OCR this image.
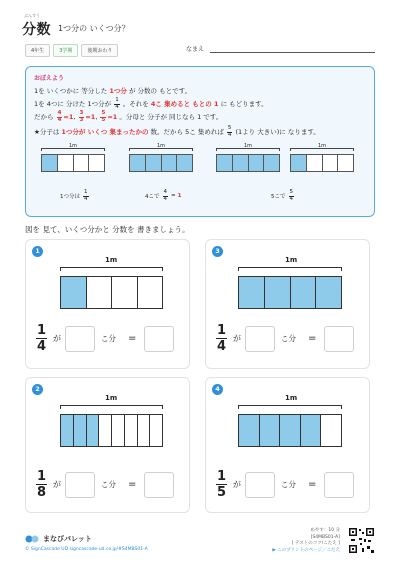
ぶんすう
分数 1つ分の いくつ分？
4年生	3学期	後期おわり	なまえ
おぼえよう
1を いくつかに 等分した 1つ分 が 分数の もとです。
1を 4つに 分けた 1つ分が $\frac{1}{4}$ 。それを 4こ 集めると もとの 1 に もどります。
だから $\frac{4}{4} =1$, $\frac{3}{3} =1$, $\frac{5}{5} =1$ 。分母と 分子が 同じなら 1 です。
★分子は 1つ分が いくつ 集まったかの 数。だから 5こ 集めれば $\frac{5}{4} (1$より 大きい)に なります。
1m	1m	1m	1m
1つ分は $\frac{1}{4}$	4こで $\frac{4}{4} = 1$	5こで $\frac{5}{4}$
図を 見て、いくつ分かと 分数を 書きましょう。
1
1m
$\frac{1}{4}$ が	こ分 =
3
1m
$\frac{1}{4}$ が	こ分 =
2
1m
$\frac{1}{8}$ が	こ分 =
4
1m
$\frac{1}{5}$ が	こ分 =
まなびパレット
© SignCascade UD signcascade-ud.co.jp/#S4MBS01-A
めやす：10 分
[S4MBS01-A]
[ テストのコツ/こたえ ]
▶ このプリントのページ／こたえ
